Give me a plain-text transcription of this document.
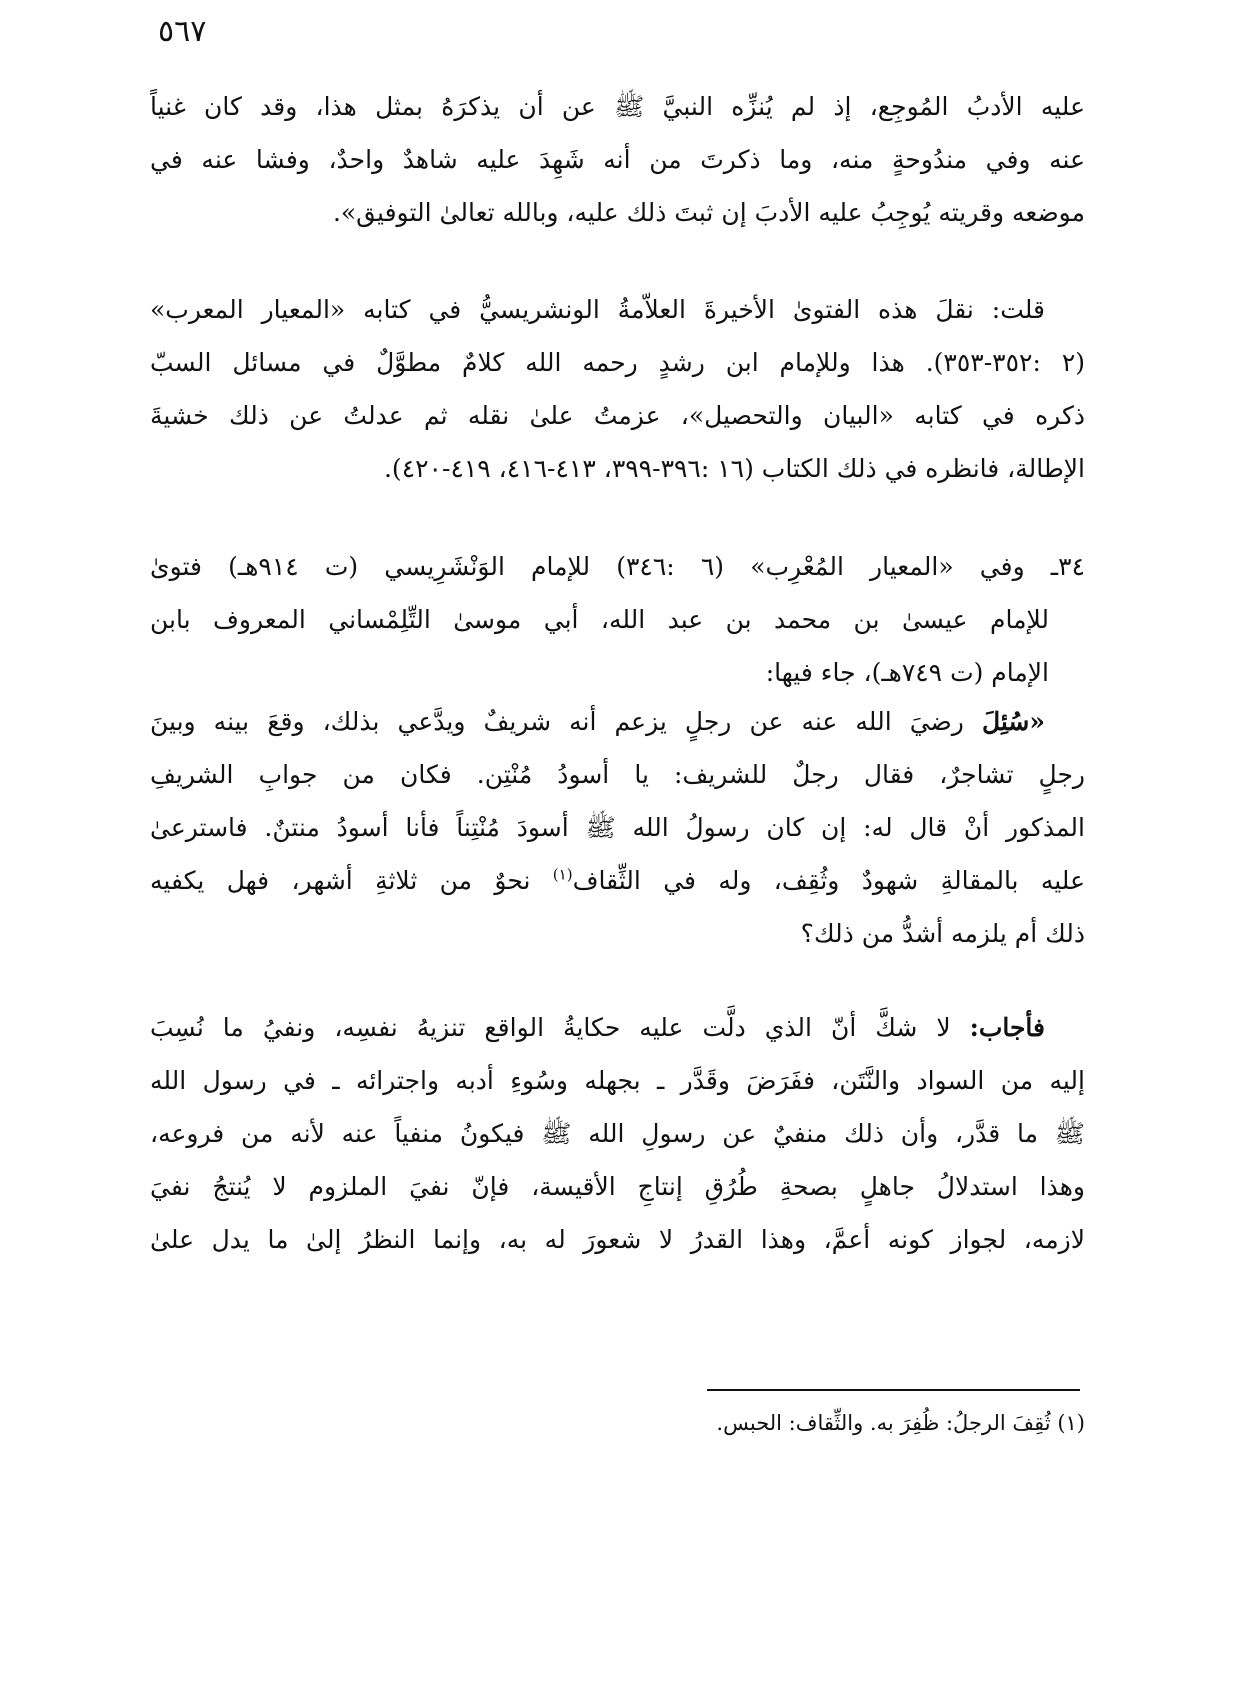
٥٦٧
عليه الأدبُ المُوجِع، إذ لم يُنزِّه النبيَّ ﷺ عن أن يذكرَهُ بمثل هذا، وقد كان غنياً
عنه وفي مندُوحةٍ منه، وما ذكرتَ من أنه شَهِدَ عليه شاهدٌ واحدٌ، وفشا عنه في
موضعه وقريته يُوجِبُ عليه الأدبَ إن ثبتَ ذلك عليه، وبالله تعالىٰ التوفيق».
قلت: نقلَ هذه الفتوىٰ الأخيرةَ العلاّمةُ الونشريسيُّ في كتابه «المعيار المعرب»
(٢ :٣٥٢-٣٥٣). هذا وللإمام ابن رشدٍ رحمه الله كلامٌ مطوَّلٌ في مسائل السبّ
ذكره في كتابه «البيان والتحصيل»، عزمتُ علىٰ نقله ثم عدلتُ عن ذلك خشيةَ
الإطالة، فانظره في ذلك الكتاب (١٦ :٣٩٦-٣٩٩، ٤١٣-٤١٦، ٤١٩-٤٢٠).
٣٤ـ وفي «المعيار المُعْرِب» (٦ :٣٤٦) للإمام الوَنْشَرِيسي (ت ٩١٤هـ) فتوىٰ
للإمام عيسىٰ بن محمد بن عبد الله، أبي موسىٰ التِّلِمْساني المعروف بابن
الإمام (ت ٧٤٩هـ)، جاء فيها:
«سُئِلَ رضيَ الله عنه عن رجلٍ يزعم أنه شريفٌ ويدَّعي بذلك، وقعَ بينه وبينَ
رجلٍ تشاجرٌ، فقال رجلٌ للشريف: يا أسودُ مُنْتِن. فكان من جوابِ الشريفِ
المذكور أنْ قال له: إن كان رسولُ الله ﷺ أسودَ مُنْتِناً فأنا أسودُ منتنٌ. فاسترعىٰ
عليه بالمقالةِ شهودٌ وثُقِف، وله في الثِّقاف$^{(١)}$ نحوٌ من ثلاثةِ أشهر، فهل يكفيه
ذلك أم يلزمه أشدُّ من ذلك؟
فأجاب: لا شكَّ أنّ الذي دلَّت عليه حكايةُ الواقع تنزيهُ نفسِه، ونفيُ ما نُسِبَ
إليه من السواد والنَّتَن، ففَرَضَ وقَدَّر ـ بجهله وسُوءِ أدبه واجترائه ـ في رسول الله
ﷺ ما قدَّر، وأن ذلك منفيٌ عن رسولِ الله ﷺ فيكونُ منفياً عنه لأنه من فروعه،
وهذا استدلالُ جاهلٍ بصحةِ طُرُقِ إنتاجِ الأقيسة، فإنّ نفيَ الملزوم لا يُنتجُ نفيَ
لازمه، لجواز كونه أعمَّ، وهذا القدرُ لا شعورَ له به، وإنما النظرُ إلىٰ ما يدل علىٰ
(١) ثُقِفَ الرجلُ: ظُفِرَ به. والثِّقاف: الحبس.
